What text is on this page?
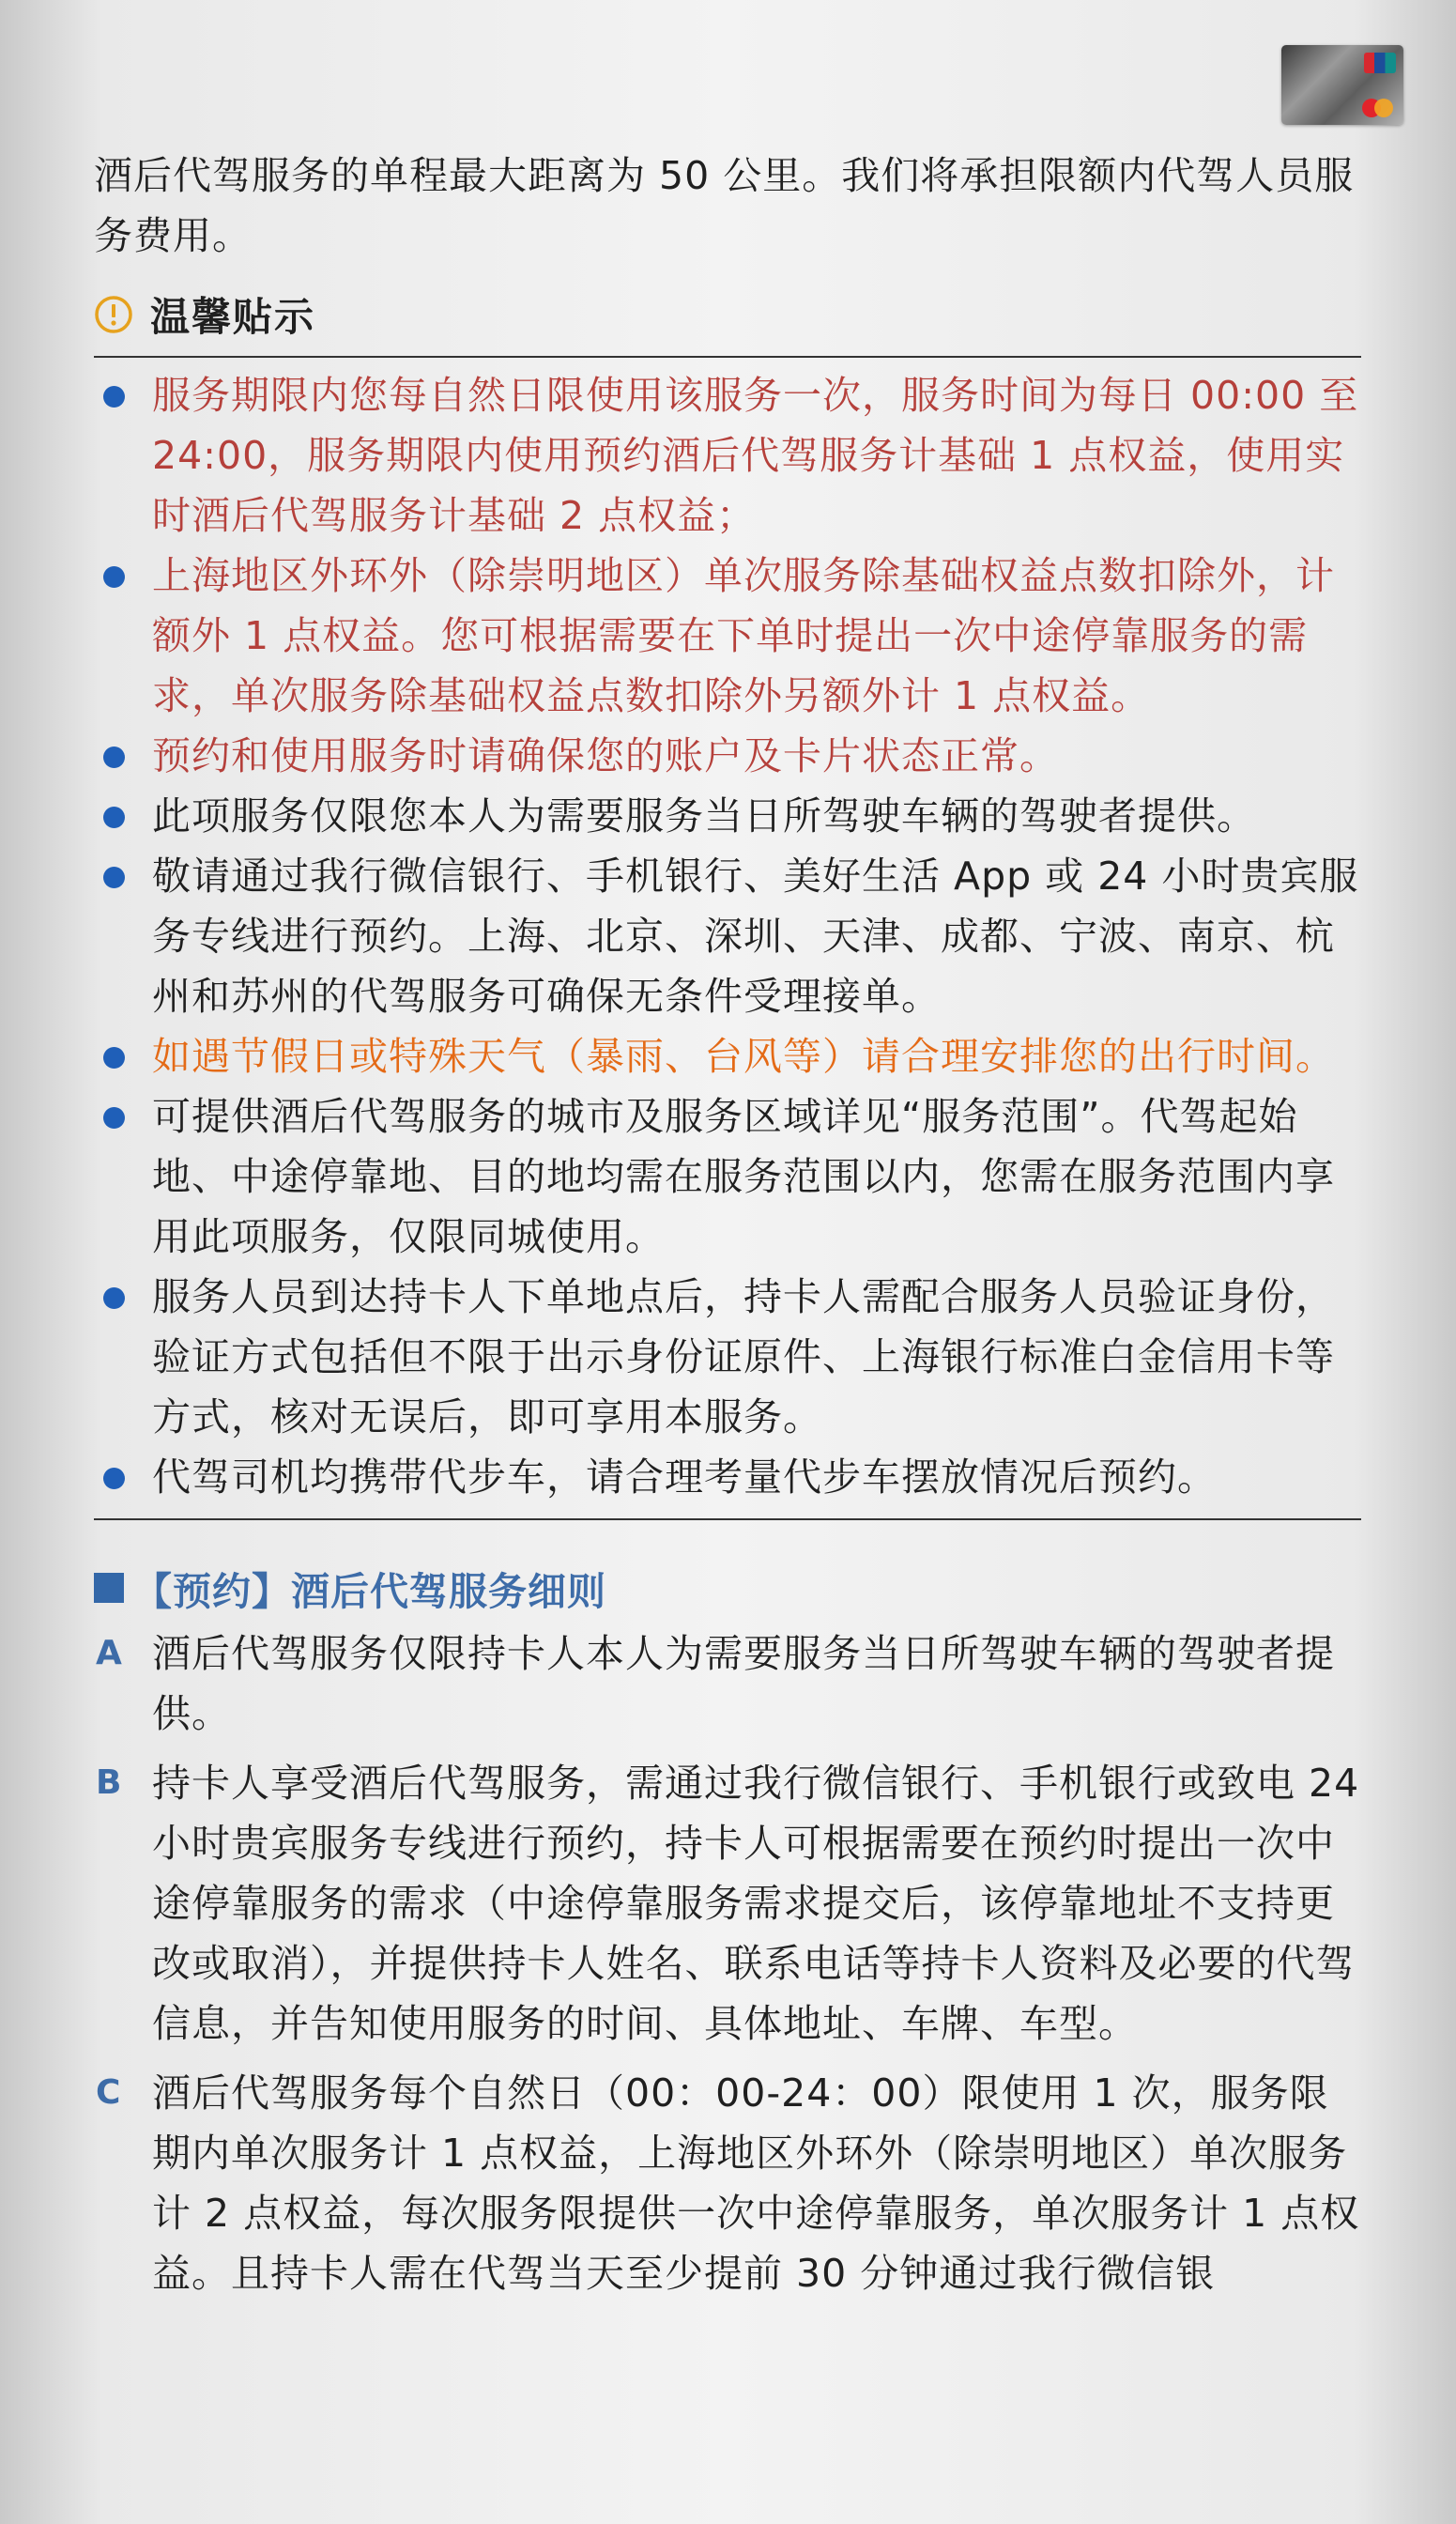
酒后代驾服务的单程最大距离为 50 公里。我们将承担限额内代驾人员服务费用。

温馨贴示
服务期限内您每自然日限使用该服务一次，服务时间为每日 00:00 至 24:00，服务期限内使用预约酒后代驾服务计基础 1 点权益，使用实时酒后代驾服务计基础 2 点权益；
上海地区外环外（除崇明地区）单次服务除基础权益点数扣除外，计额外 1 点权益。您可根据需要在下单时提出一次中途停靠服务的需求，单次服务除基础权益点数扣除外另额外计 1 点权益。
预约和使用服务时请确保您的账户及卡片状态正常。
此项服务仅限您本人为需要服务当日所驾驶车辆的驾驶者提供。
敬请通过我行微信银行、手机银行、美好生活 App 或 24 小时贵宾服务专线进行预约。上海、北京、深圳、天津、成都、宁波、南京、杭州和苏州的代驾服务可确保无条件受理接单。
如遇节假日或特殊天气（暴雨、台风等）请合理安排您的出行时间。
可提供酒后代驾服务的城市及服务区域详见“服务范围”。代驾起始地、中途停靠地、目的地均需在服务范围以内，您需在服务范围内享用此项服务，仅限同城使用。
服务人员到达持卡人下单地点后，持卡人需配合服务人员验证身份，验证方式包括但不限于出示身份证原件、上海银行标准白金信用卡等方式，核对无误后，即可享用本服务。
代驾司机均携带代步车，请合理考量代步车摆放情况后预约。
【预约】酒后代驾服务细则
A 酒后代驾服务仅限持卡人本人为需要服务当日所驾驶车辆的驾驶者提供。
B 持卡人享受酒后代驾服务，需通过我行微信银行、手机银行或致电 24 小时贵宾服务专线进行预约，持卡人可根据需要在预约时提出一次中途停靠服务的需求（中途停靠服务需求提交后，该停靠地址不支持更改或取消），并提供持卡人姓名、联系电话等持卡人资料及必要的代驾信息，并告知使用服务的时间、具体地址、车牌、车型。
C 酒后代驾服务每个自然日（00：00-24：00）限使用 1 次，服务限期内单次服务计 1 点权益，上海地区外环外（除崇明地区）单次服务计 2 点权益，每次服务限提供一次中途停靠服务，单次服务计 1 点权益。且持卡人需在代驾当天至少提前 30 分钟通过我行微信银
